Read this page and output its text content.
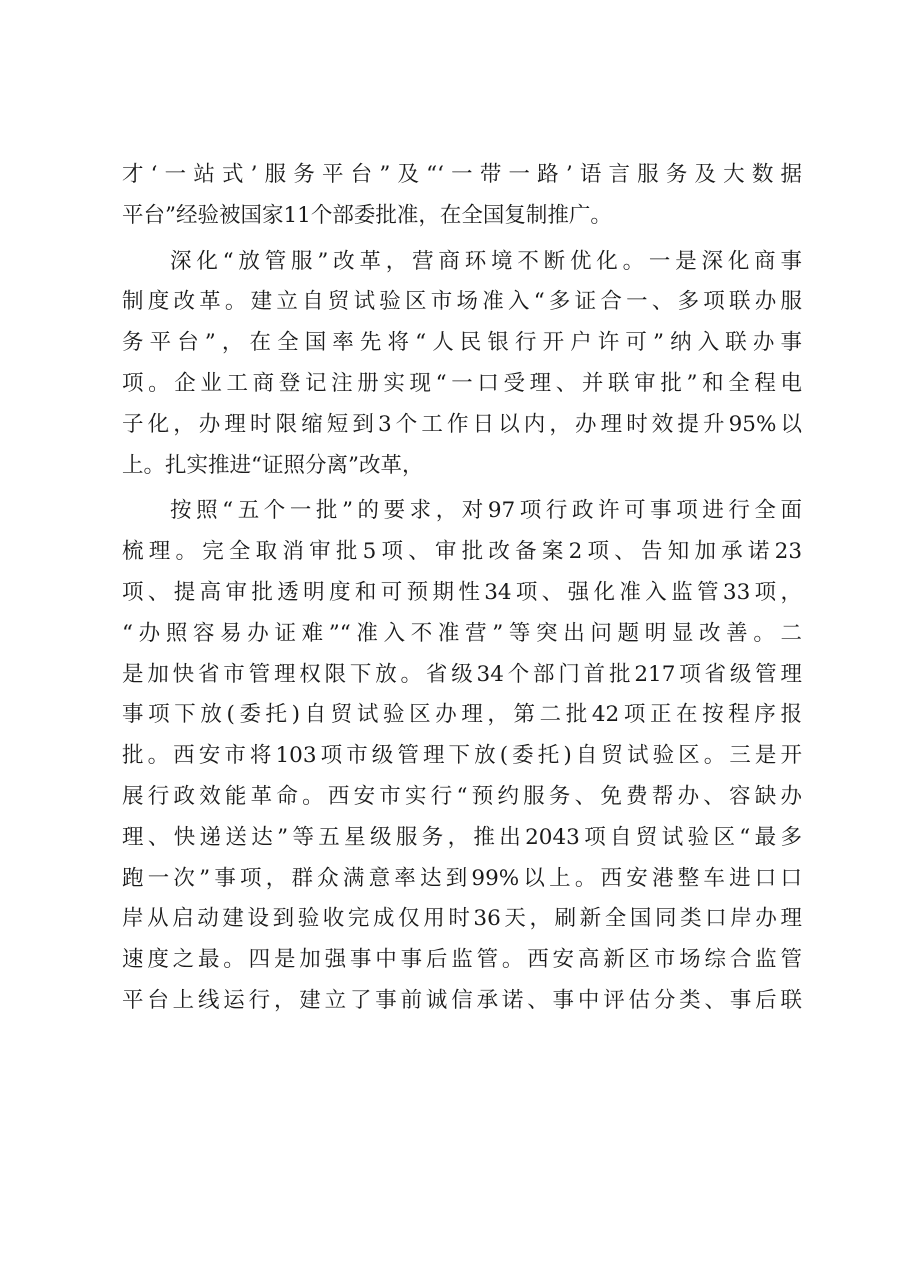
才‘一站式’服务平台”及“‘一带一路’语言服务及大数据
平台”经验被国家11个部委批准，在全国复制推广。
深化“放管服”改革，营商环境不断优化。一是深化商事
制度改革。建立自贸试验区市场准入“多证合一、多项联办服
务平台”，在全国率先将“人民银行开户许可”纳入联办事
项。企业工商登记注册实现“一口受理、并联审批”和全程电
子化，办理时限缩短到3个工作日以内，办理时效提升95%以
上。扎实推进“证照分离”改革，
按照“五个一批”的要求，对97项行政许可事项进行全面
梳理。完全取消审批5项、审批改备案2项、告知加承诺23
项、提高审批透明度和可预期性34项、强化准入监管33项，
“办照容易办证难”“准入不准营”等突出问题明显改善。二
是加快省市管理权限下放。省级34个部门首批217项省级管理
事项下放(委托)自贸试验区办理，第二批42项正在按程序报
批。西安市将103项市级管理下放(委托)自贸试验区。三是开
展行政效能革命。西安市实行“预约服务、免费帮办、容缺办
理、快递送达”等五星级服务，推出2043项自贸试验区“最多
跑一次”事项，群众满意率达到99%以上。西安港整车进口口
岸从启动建设到验收完成仅用时36天，刷新全国同类口岸办理
速度之最。四是加强事中事后监管。西安高新区市场综合监管
平台上线运行，建立了事前诚信承诺、事中评估分类、事后联
